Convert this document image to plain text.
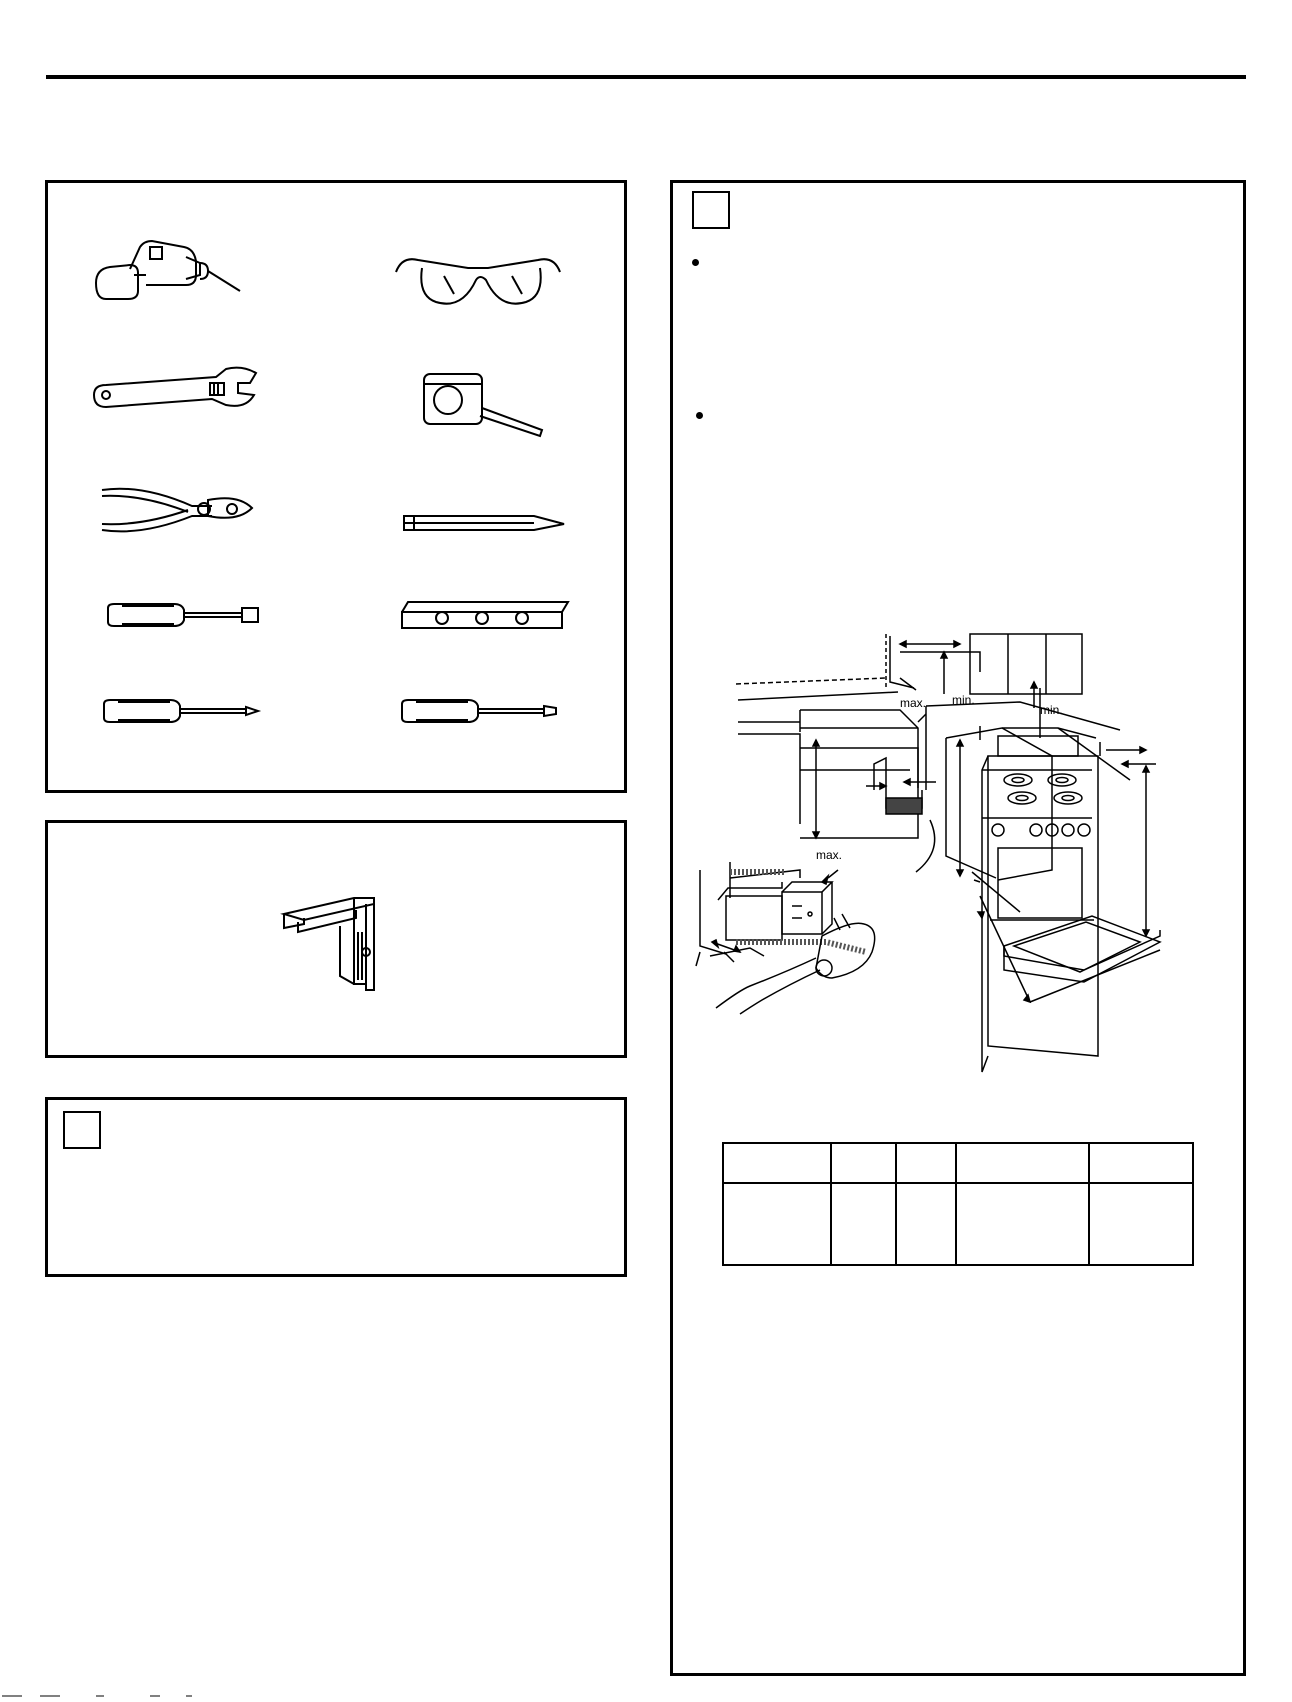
max. min.
min.
max.
